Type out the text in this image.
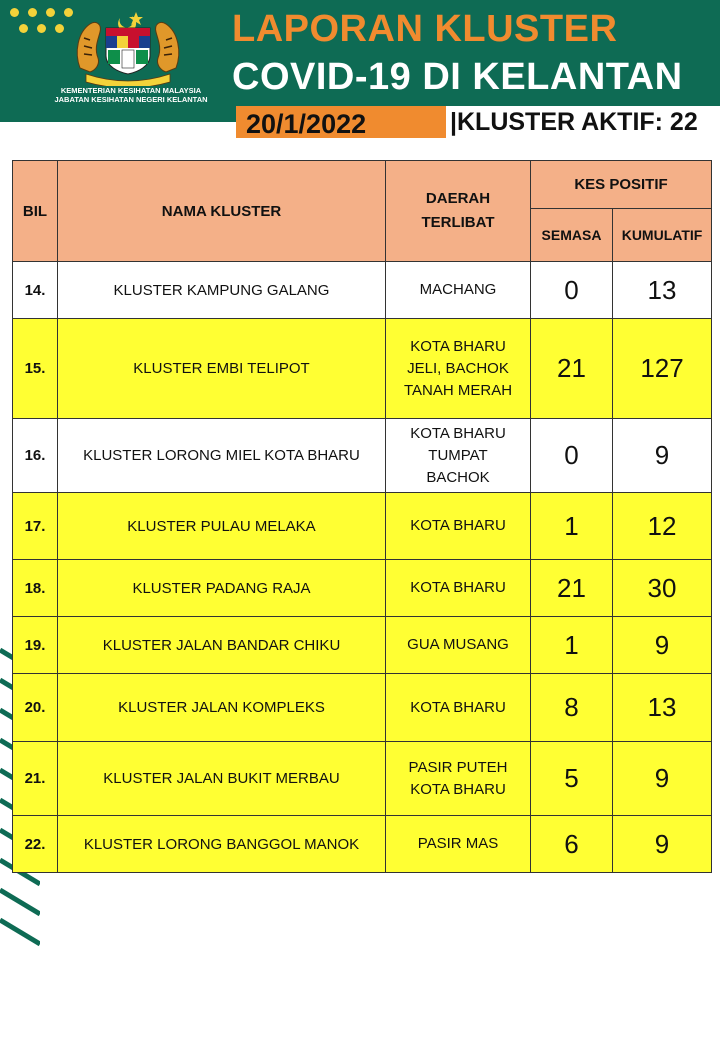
KEMENTERIAN KESIHATAN MALAYSIA
JABATAN KESIHATAN NEGERI KELANTAN
LAPORAN KLUSTER
COVID-19 DI KELANTAN
20/1/2022	|KLUSTER AKTIF: 22
BIL	NAMA KLUSTER	DAERAH
TERLIBAT	KES POSITIF	
			SEMASA	KUMULATIF
14.	KLUSTER KAMPUNG GALANG	MACHANG	0	13
15.	KLUSTER EMBI TELIPOT	KOTA BHARU
JELI, BACHOK
TANAH MERAH	21	127
16.	KLUSTER LORONG MIEL KOTA BHARU	KOTA BHARU
TUMPAT
BACHOK	0	9
17.	KLUSTER PULAU MELAKA	KOTA BHARU	1	12
18.	KLUSTER PADANG RAJA	KOTA BHARU	21	30
19.	KLUSTER JALAN BANDAR CHIKU	GUA MUSANG	1	9
20.	KLUSTER JALAN KOMPLEKS	KOTA BHARU	8	13
21.	KLUSTER JALAN BUKIT MERBAU	PASIR PUTEH
KOTA BHARU	5	9
22.	KLUSTER LORONG BANGGOL MANOK	PASIR MAS	6	9
